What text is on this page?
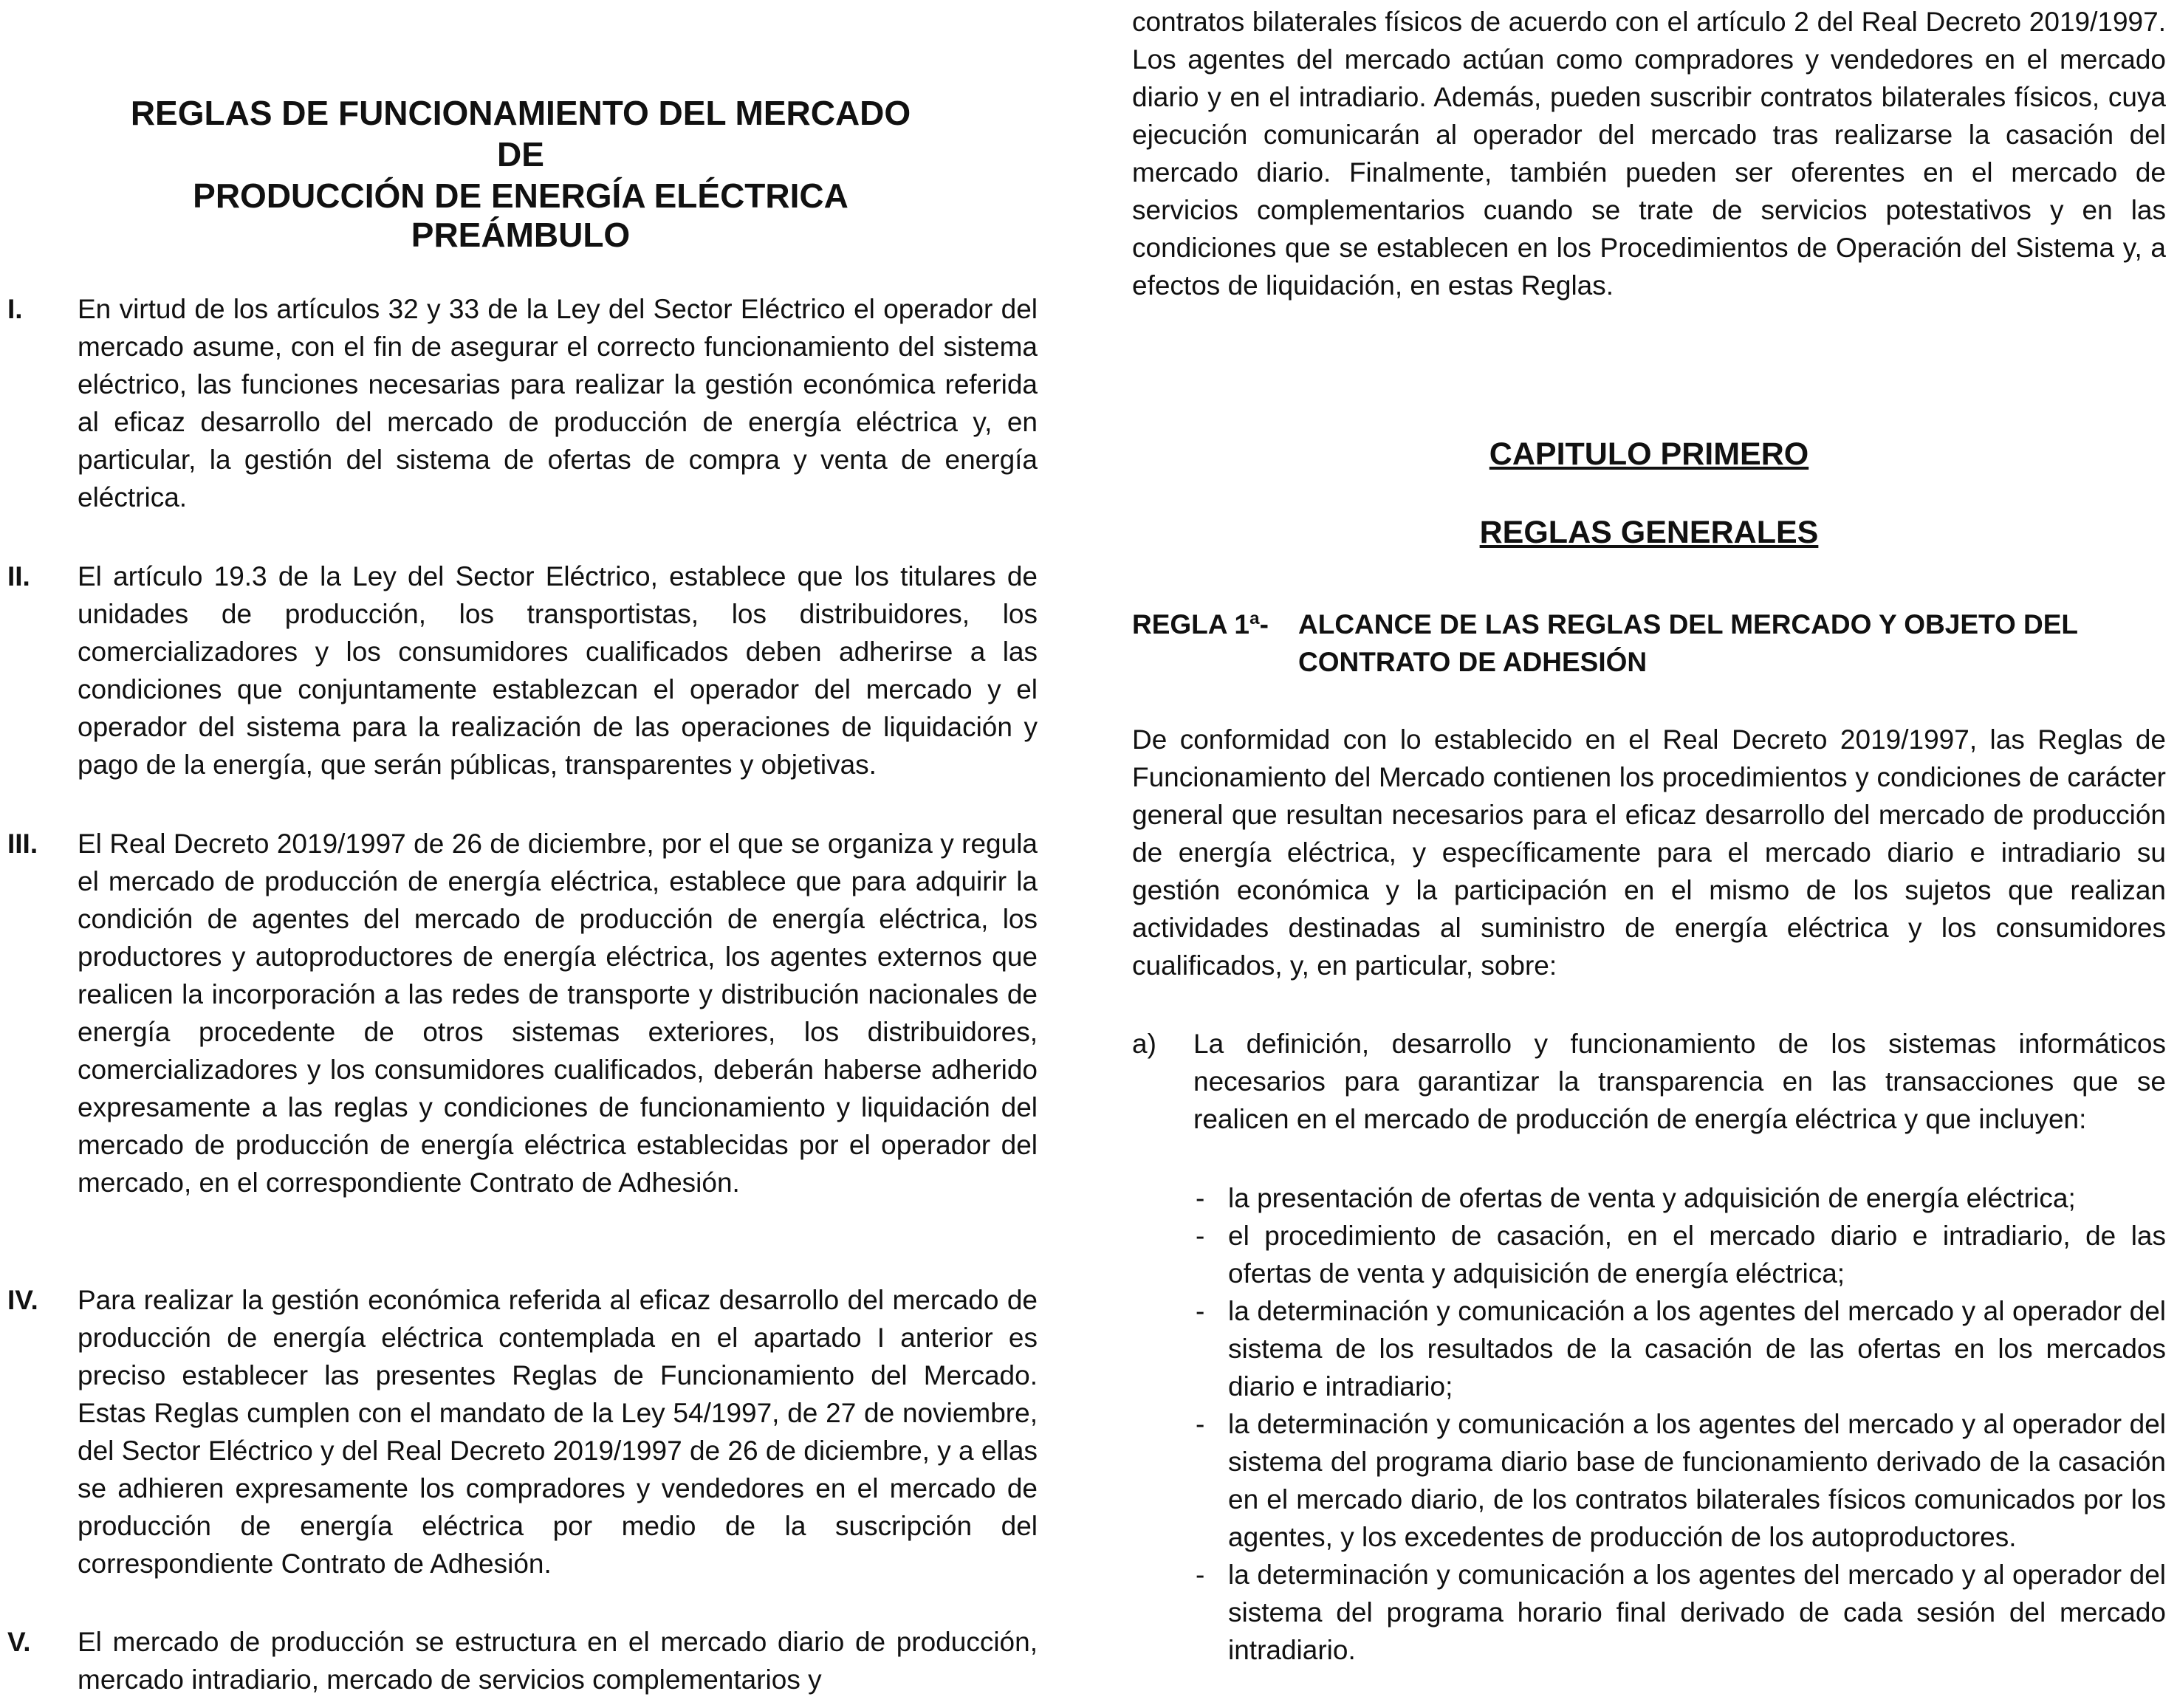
REGLAS DE FUNCIONAMIENTO DEL MERCADO DE
PRODUCCIÓN DE ENERGÍA ELÉCTRICA
PREÁMBULO
I. En virtud de los artículos 32 y 33 de la Ley del Sector Eléctrico el operador del mercado asume, con el fin de asegurar el correcto funcionamiento del sistema eléctrico, las funciones necesarias para realizar la gestión económica referida al eficaz desarrollo del mercado de producción de energía eléctrica y, en particular, la gestión del sistema de ofertas de compra y venta de energía eléctrica.
II. El artículo 19.3 de la Ley del Sector Eléctrico, establece que los titulares de unidades de producción, los transportistas, los distribuidores, los comercializadores y los consumidores cualificados deben adherirse a las condiciones que conjuntamente establezcan el operador del mercado y el operador del sistema para la realización de las operaciones de liquidación y pago de la energía, que serán públicas, transparentes y objetivas.
III. El Real Decreto 2019/1997 de 26 de diciembre, por el que se organiza y regula el mercado de producción de energía eléctrica, establece que para adquirir la condición de agentes del mercado de producción de energía eléctrica, los productores y autoproductores de energía eléctrica, los agentes externos que realicen la incorporación a las redes de transporte y distribución nacionales de energía procedente de otros sistemas exteriores, los distribuidores, comercializadores y los consumidores cualificados, deberán haberse adherido expresamente a las reglas y condiciones de funcionamiento y liquidación del mercado de producción de energía eléctrica establecidas por el operador del mercado, en el correspondiente Contrato de Adhesión.
IV. Para realizar la gestión económica referida al eficaz desarrollo del mercado de producción de energía eléctrica contemplada en el apartado I anterior es preciso establecer las presentes Reglas de Funcionamiento del Mercado. Estas Reglas cumplen con el mandato de la Ley 54/1997, de 27 de noviembre, del Sector Eléctrico y del Real Decreto 2019/1997 de 26 de diciembre, y a ellas se adhieren expresamente los compradores y vendedores en el mercado de producción de energía eléctrica por medio de la suscripción del correspondiente Contrato de Adhesión.
V. El mercado de producción se estructura en el mercado diario de producción, mercado intradiario, mercado de servicios complementarios y
contratos bilaterales físicos de acuerdo con el artículo 2 del Real Decreto 2019/1997. Los agentes del mercado actúan como compradores y vendedores en el mercado diario y en el intradiario. Además, pueden suscribir contratos bilaterales físicos, cuya ejecución comunicarán al operador del mercado tras realizarse la casación del mercado diario. Finalmente, también pueden ser oferentes en el mercado de servicios complementarios cuando se trate de servicios potestativos y en las condiciones que se establecen en los Procedimientos de Operación del Sistema y, a efectos de liquidación, en estas Reglas.
CAPITULO PRIMERO
REGLAS GENERALES
REGLA 1ª- ALCANCE DE LAS REGLAS DEL MERCADO Y OBJETO DEL CONTRATO DE ADHESIÓN
De conformidad con lo establecido en el Real Decreto 2019/1997, las Reglas de Funcionamiento del Mercado contienen los procedimientos y condiciones de carácter general que resultan necesarios para el eficaz desarrollo del mercado de producción de energía eléctrica, y específicamente para el mercado diario e intradiario su gestión económica y la participación en el mismo de los sujetos que realizan actividades destinadas al suministro de energía eléctrica y los consumidores cualificados, y, en particular, sobre:
a) La definición, desarrollo y funcionamiento de los sistemas informáticos necesarios para garantizar la transparencia en las transacciones que se realicen en el mercado de producción de energía eléctrica y que incluyen:
- la presentación de ofertas de venta y adquisición de energía eléctrica;
- el procedimiento de casación, en el mercado diario e intradiario, de las ofertas de venta y adquisición de energía eléctrica;
- la determinación y comunicación a los agentes del mercado y al operador del sistema de los resultados de la casación de las ofertas en los mercados diario e intradiario;
- la determinación y comunicación a los agentes del mercado y al operador del sistema del programa diario base de funcionamiento derivado de la casación en el mercado diario, de los contratos bilaterales físicos comunicados por los agentes, y los excedentes de producción de los autoproductores.
- la determinación y comunicación a los agentes del mercado y al operador del sistema del programa horario final derivado de cada sesión del mercado intradiario.
